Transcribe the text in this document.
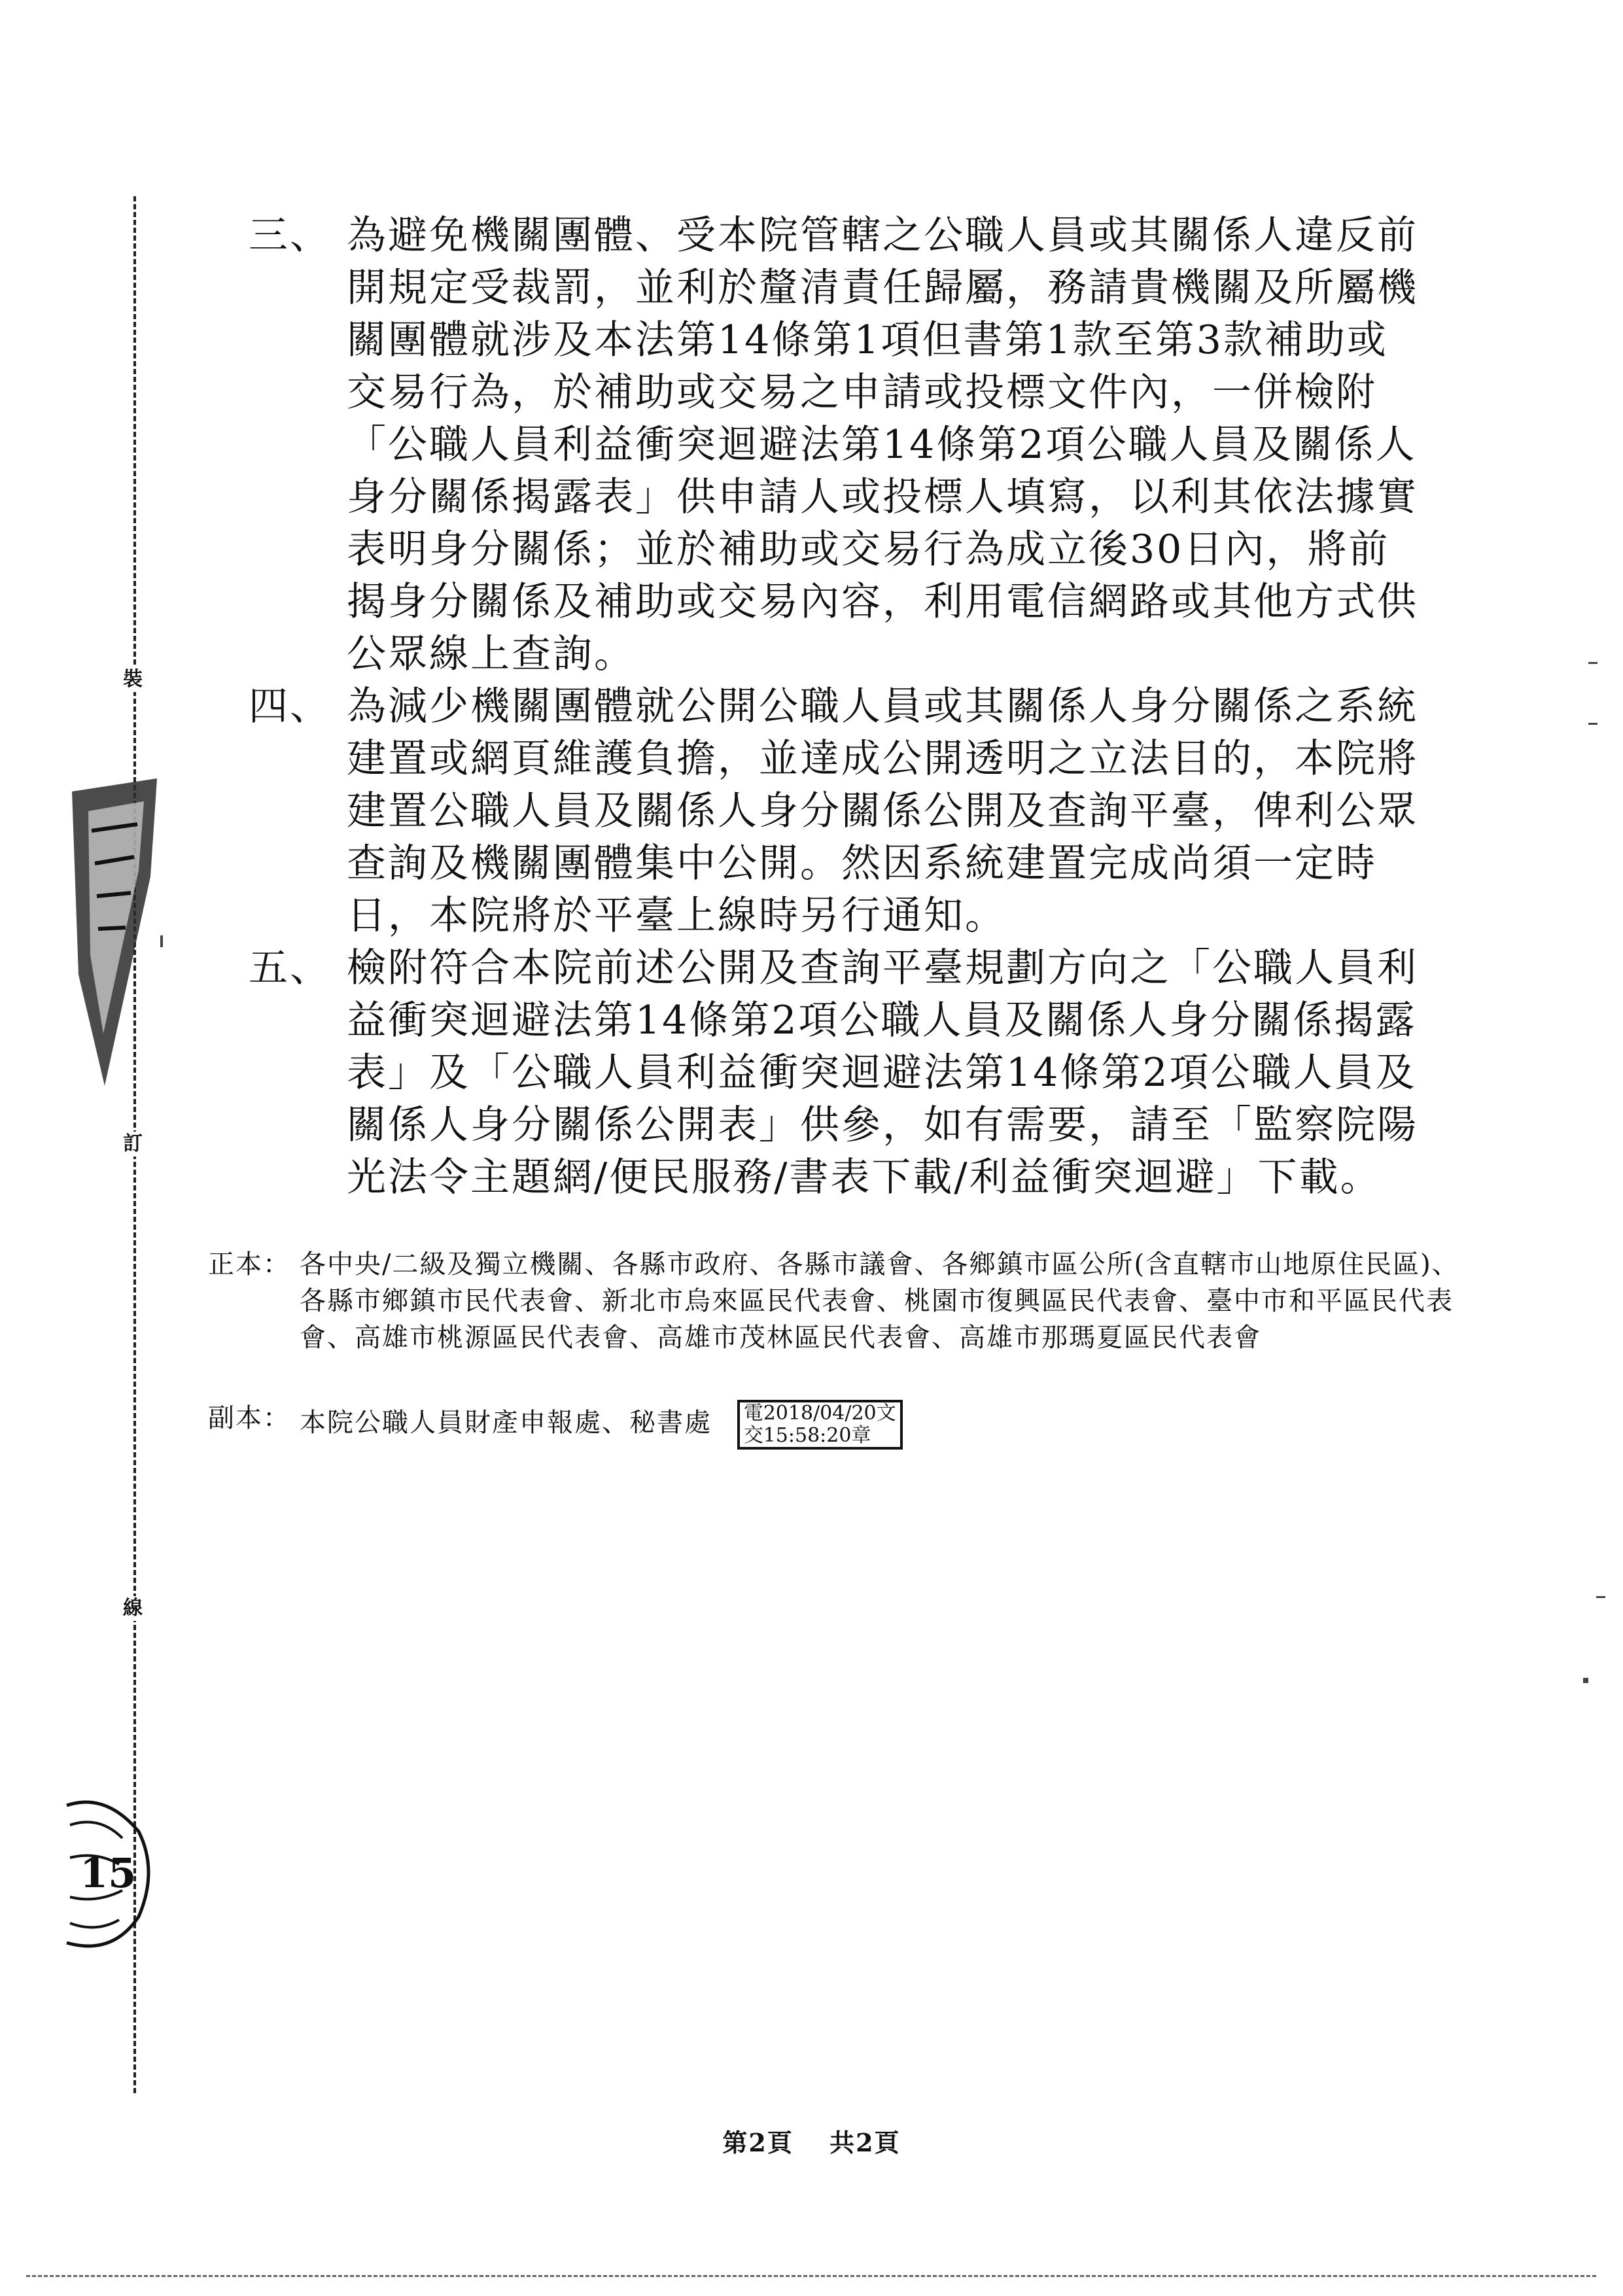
裝
訂
線
15
三、 為避免機關團體、受本院管轄之公職人員或其關係人違反前開規定受裁罰，並利於釐清責任歸屬，務請貴機關及所屬機關團體就涉及本法第14條第1項但書第1款至第3款補助或交易行為，於補助或交易之申請或投標文件內，一併檢附「公職人員利益衝突迴避法第14條第2項公職人員及關係人身分關係揭露表」供申請人或投標人填寫，以利其依法據實表明身分關係；並於補助或交易行為成立後30日內，將前揭身分關係及補助或交易內容，利用電信網路或其他方式供公眾線上查詢。
四、 為減少機關團體就公開公職人員或其關係人身分關係之系統建置或網頁維護負擔，並達成公開透明之立法目的，本院將建置公職人員及關係人身分關係公開及查詢平臺，俾利公眾查詢及機關團體集中公開。然因系統建置完成尚須一定時日，本院將於平臺上線時另行通知。
五、 檢附符合本院前述公開及查詢平臺規劃方向之「公職人員利益衝突迴避法第14條第2項公職人員及關係人身分關係揭露表」及「公職人員利益衝突迴避法第14條第2項公職人員及關係人身分關係公開表」供參，如有需要，請至「監察院陽光法令主題網/便民服務/書表下載/利益衝突迴避」下載。
正本： 各中央/二級及獨立機關、各縣市政府、各縣市議會、各鄉鎮市區公所(含直轄市山地原住民區)、各縣市鄉鎮市民代表會、新北市烏來區民代表會、桃園市復興區民代表會、臺中市和平區民代表會、高雄市桃源區民代表會、高雄市茂林區民代表會、高雄市那瑪夏區民代表會
副本： 本院公職人員財產申報處、秘書處 電2018/04/20文
交15:58:20章
第2頁 共2頁
